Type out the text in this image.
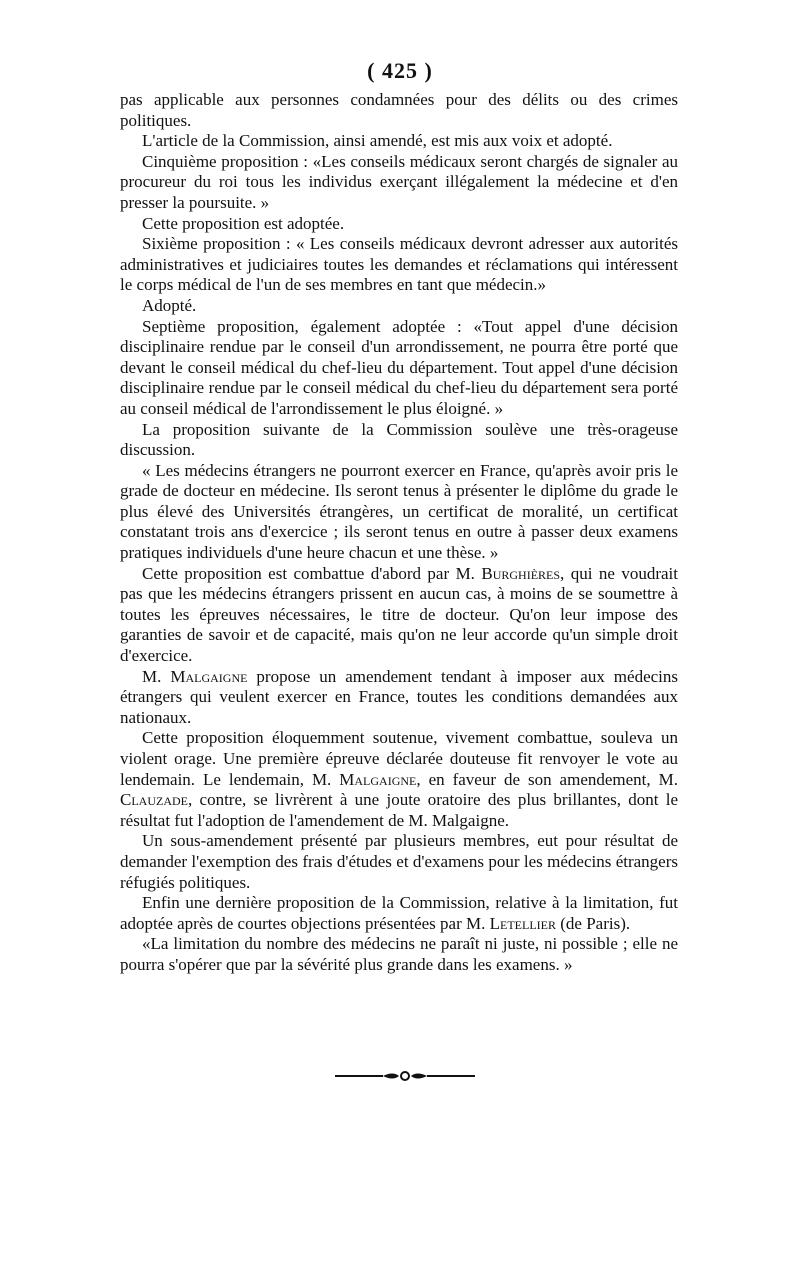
( 425 )

pas applicable aux personnes condamnées pour des délits ou des crimes politiques.

L'article de la Commission, ainsi amendé, est mis aux voix et adopté.

Cinquième proposition : «Les conseils médicaux seront chargés de signaler au procureur du roi tous les individus exerçant illégalement la médecine et d'en presser la poursuite. »

Cette proposition est adoptée.

Sixième proposition : « Les conseils médicaux devront adresser aux autorités administratives et judiciaires toutes les demandes et réclamations qui intéressent le corps médical de l'un de ses membres en tant que médecin.»

Adopté.

Septième proposition, également adoptée : «Tout appel d'une décision disciplinaire rendue par le conseil d'un arrondissement, ne pourra être porté que devant le conseil médical du chef-lieu du département. Tout appel d'une décision disciplinaire rendue par le conseil médical du chef-lieu du département sera porté au conseil médical de l'arrondissement le plus éloigné. »

La proposition suivante de la Commission soulève une très-orageuse discussion.

« Les médecins étrangers ne pourront exercer en France, qu'après avoir pris le grade de docteur en médecine. Ils seront tenus à présenter le diplôme du grade le plus élevé des Universités étrangères, un certificat de moralité, un certificat constatant trois ans d'exercice ; ils seront tenus en outre à passer deux examens pratiques individuels d'une heure chacun et une thèse. »

Cette proposition est combattue d'abord par M. Burghières, qui ne voudrait pas que les médecins étrangers prissent en aucun cas, à moins de se soumettre à toutes les épreuves nécessaires, le titre de docteur. Qu'on leur impose des garanties de savoir et de capacité, mais qu'on ne leur accorde qu'un simple droit d'exercice.

M. Malgaigne propose un amendement tendant à imposer aux médecins étrangers qui veulent exercer en France, toutes les conditions demandées aux nationaux.

Cette proposition éloquemment soutenue, vivement combattue, souleva un violent orage. Une première épreuve déclarée douteuse fit renvoyer le vote au lendemain. Le lendemain, M. Malgaigne, en faveur de son amendement, M. Clauzade, contre, se livrèrent à une joute oratoire des plus brillantes, dont le résultat fut l'adoption de l'amendement de M. Malgaigne.

Un sous-amendement présenté par plusieurs membres, eut pour résultat de demander l'exemption des frais d'études et d'examens pour les médecins étrangers réfugiés politiques.

Enfin une dernière proposition de la Commission, relative à la limitation, fut adoptée après de courtes objections présentées par M. Letellier (de Paris).

«La limitation du nombre des médecins ne paraît ni juste, ni possible ; elle ne pourra s'opérer que par la sévérité plus grande dans les examens. »
